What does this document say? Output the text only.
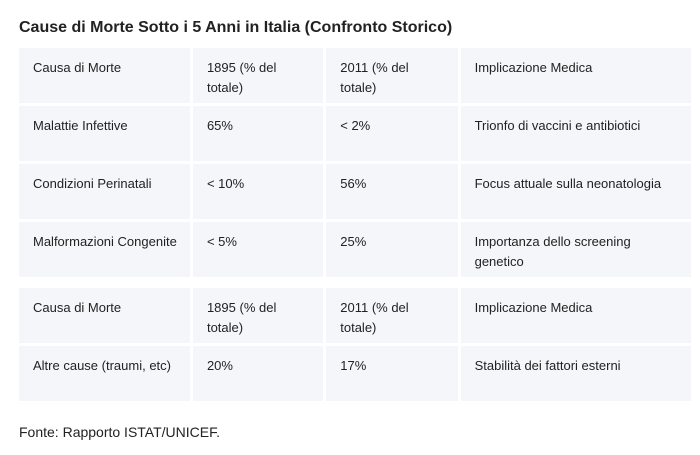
Cause di Morte Sotto i 5 Anni in Italia (Confronto Storico)
Causa di Morte	1895 (% del totale)	2011 (% del totale)	Implicazione Medica
Malattie Infettive	65%	< 2%	Trionfo di vaccini e antibiotici
Condizioni Perinatali	< 10%	56%	Focus attuale sulla neonatologia
Malformazioni Congenite	< 5%	25%	Importanza dello screening genetico
Causa di Morte	1895 (% del totale)	2011 (% del totale)	Implicazione Medica
Altre cause (traumi, etc)	20%	17%	Stabilità dei fattori esterni
Fonte: Rapporto ISTAT/UNICEF.
